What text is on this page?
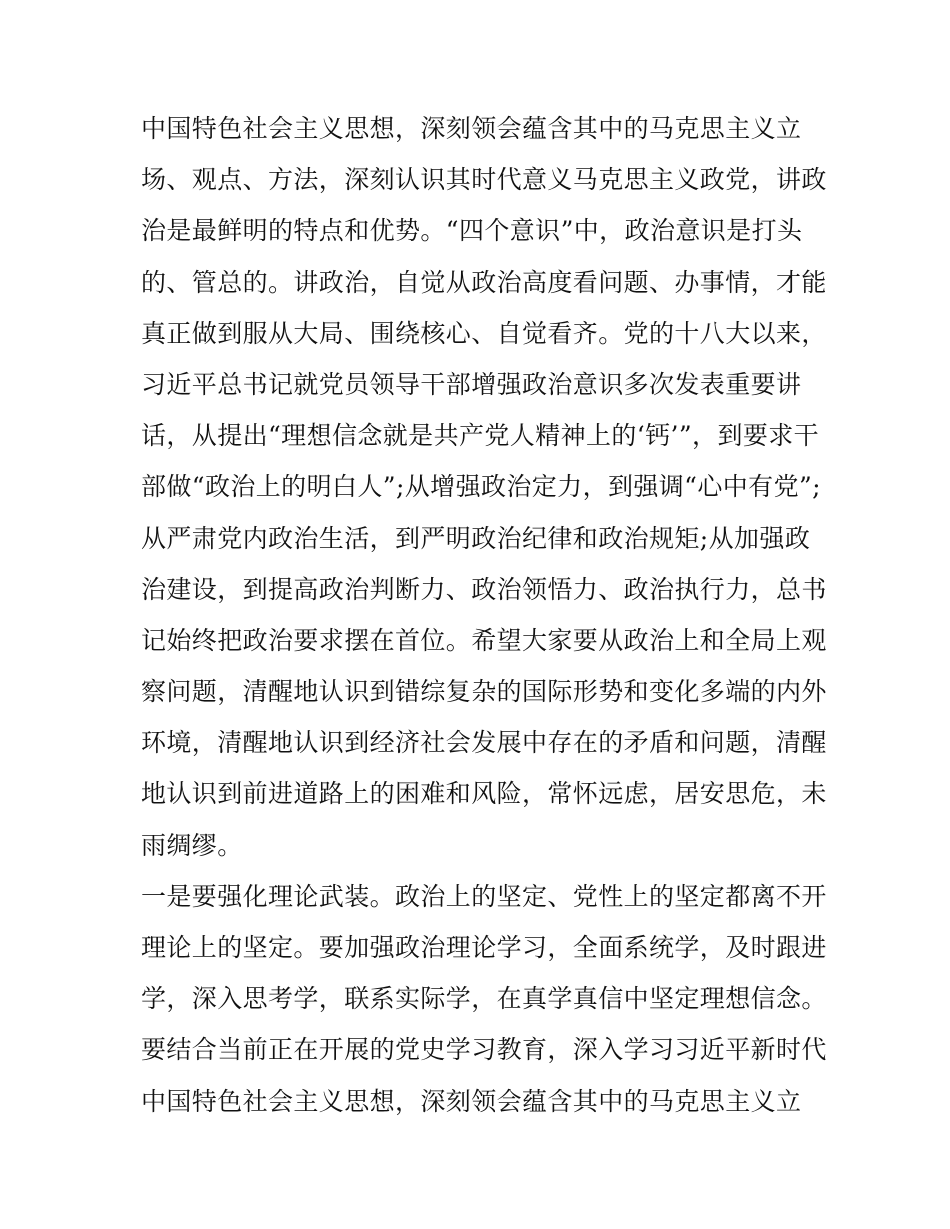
中国特色社会主义思想，深刻领会蕴含其中的马克思主义立
场、观点、方法，深刻认识其时代意义马克思主义政党，讲政
治是最鲜明的特点和优势。“四个意识”中，政治意识是打头
的、管总的。讲政治，自觉从政治高度看问题、办事情，才能
真正做到服从大局、围绕核心、自觉看齐。党的十八大以来，
习近平总书记就党员领导干部增强政治意识多次发表重要讲
话，从提出“理想信念就是共产党人精神上的‘钙’”，到要求干
部做“政治上的明白人”;从增强政治定力，到强调“心中有党”;
从严肃党内政治生活，到严明政治纪律和政治规矩;从加强政
治建设，到提高政治判断力、政治领悟力、政治执行力，总书
记始终把政治要求摆在首位。希望大家要从政治上和全局上观
察问题，清醒地认识到错综复杂的国际形势和变化多端的内外
环境，清醒地认识到经济社会发展中存在的矛盾和问题，清醒
地认识到前进道路上的困难和风险，常怀远虑，居安思危，未
雨绸缪。
一是要强化理论武装。政治上的坚定、党性上的坚定都离不开
理论上的坚定。要加强政治理论学习，全面系统学，及时跟进
学，深入思考学，联系实际学，在真学真信中坚定理想信念。
要结合当前正在开展的党史学习教育，深入学习习近平新时代
中国特色社会主义思想，深刻领会蕴含其中的马克思主义立
